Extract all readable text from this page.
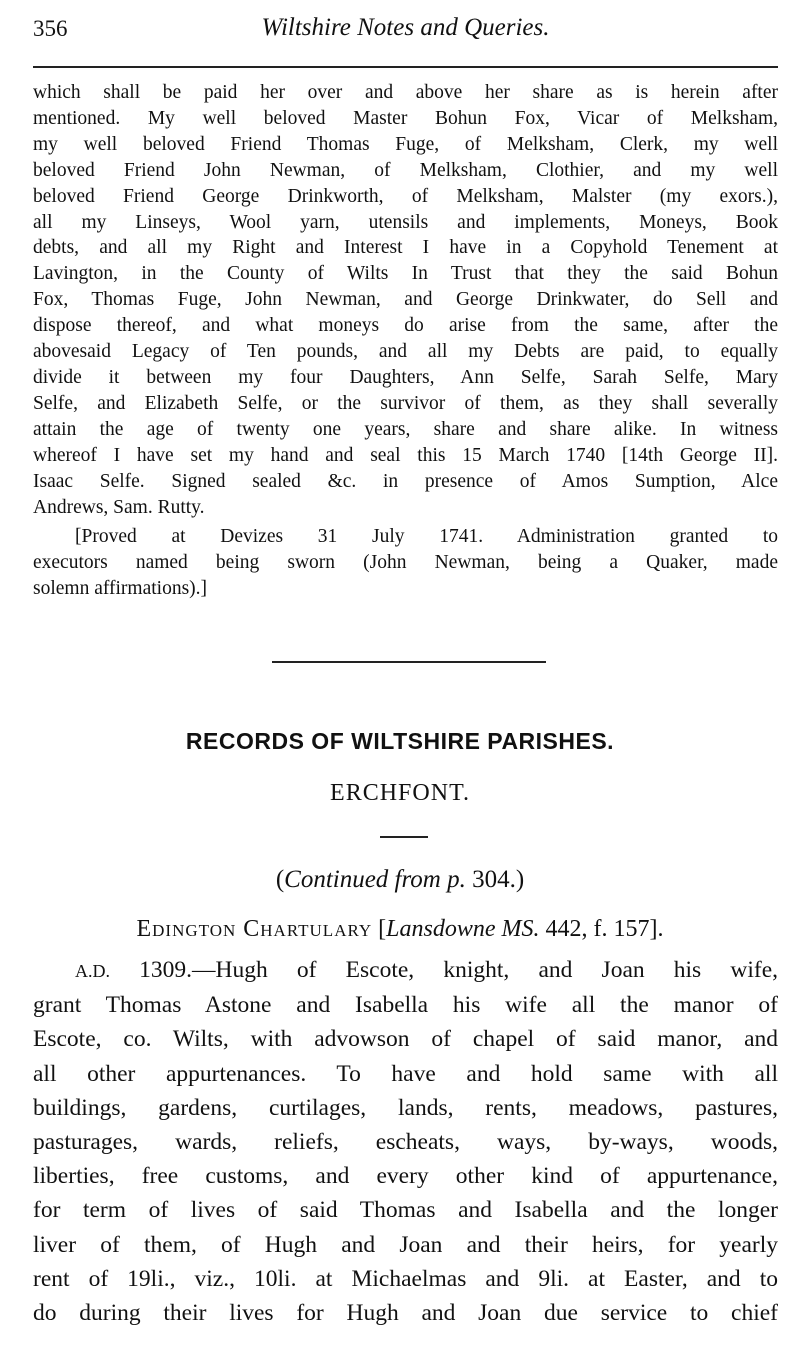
356	Wiltshire Notes and Queries.
which shall be paid her over and above her share as is herein after
mentioned. My well beloved Master Bohun Fox, Vicar of Melksham,
my well beloved Friend Thomas Fuge, of Melksham, Clerk, my well
beloved Friend John Newman, of Melksham, Clothier, and my well
beloved Friend George Drinkworth, of Melksham, Malster (my exors.),
all my Linseys, Wool yarn, utensils and implements, Moneys, Book
debts, and all my Right and Interest I have in a Copyhold Tenement at
Lavington, in the County of Wilts In Trust that they the said Bohun
Fox, Thomas Fuge, John Newman, and George Drinkwater, do Sell and
dispose thereof, and what moneys do arise from the same, after the
abovesaid Legacy of Ten pounds, and all my Debts are paid, to equally
divide it between my four Daughters, Ann Selfe, Sarah Selfe, Mary
Selfe, and Elizabeth Selfe, or the survivor of them, as they shall severally
attain the age of twenty one years, share and share alike. In witness
whereof I have set my hand and seal this 15 March 1740 [14th George II].
Isaac Selfe. Signed sealed &c. in presence of Amos Sumption, Alce
Andrews, Sam. Rutty.
[Proved at Devizes 31 July 1741. Administration granted to
executors named being sworn (John Newman, being a Quaker, made
solemn affirmations).]
RECORDS OF WILTSHIRE PARISHES.
ERCHFONT.
(Continued from p. 304.)
Edington Chartulary [Lansdowne MS. 442, f. 157].
A.D. 1309.—Hugh of Escote, knight, and Joan his wife,
grant Thomas Astone and Isabella his wife all the manor of
Escote, co. Wilts, with advowson of chapel of said manor, and
all other appurtenances. To have and hold same with all
buildings, gardens, curtilages, lands, rents, meadows, pastures,
pasturages, wards, reliefs, escheats, ways, by-ways, woods,
liberties, free customs, and every other kind of appurtenance,
for term of lives of said Thomas and Isabella and the longer
liver of them, of Hugh and Joan and their heirs, for yearly
rent of 19li., viz., 10li. at Michaelmas and 9li. at Easter, and to
do during their lives for Hugh and Joan due service to chief
